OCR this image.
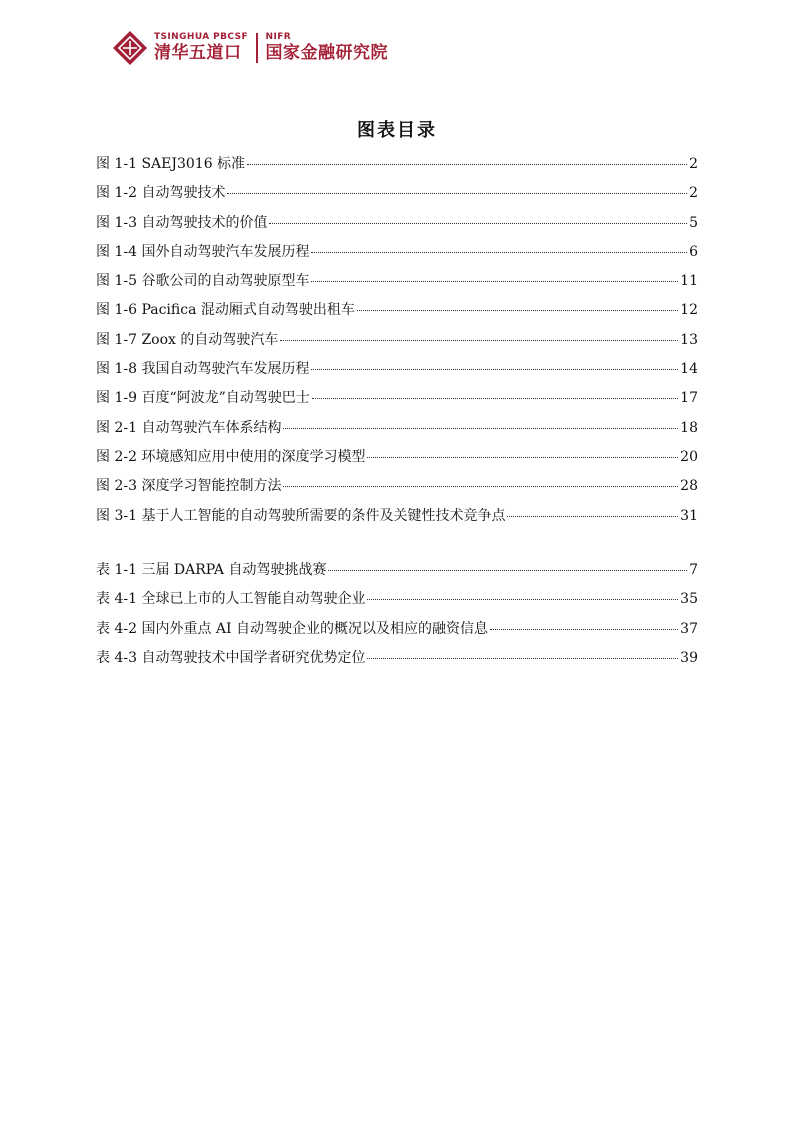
TSINGHUA PBCSF
清华五道口
NIFR
国家金融研究院
图表目录
图 1-1 SAEJ3016 标准	2
图 1-2 自动驾驶技术	2
图 1-3 自动驾驶技术的价值	5
图 1-4 国外自动驾驶汽车发展历程	6
图 1-5 谷歌公司的自动驾驶原型车	11
图 1-6 Pacifica 混动厢式自动驾驶出租车	12
图 1-7 Zoox 的自动驾驶汽车	13
图 1-8 我国自动驾驶汽车发展历程	14
图 1-9 百度“阿波龙”自动驾驶巴士	17
图 2-1 自动驾驶汽车体系结构	18
图 2-2 环境感知应用中使用的深度学习模型	20
图 2-3 深度学习智能控制方法	28
图 3-1 基于人工智能的自动驾驶所需要的条件及关键性技术竞争点	31
表 1-1 三届 DARPA 自动驾驶挑战赛	7
表 4-1 全球已上市的人工智能自动驾驶企业	35
表 4-2 国内外重点 AI 自动驾驶企业的概况以及相应的融资信息	37
表 4-3 自动驾驶技术中国学者研究优势定位	39
